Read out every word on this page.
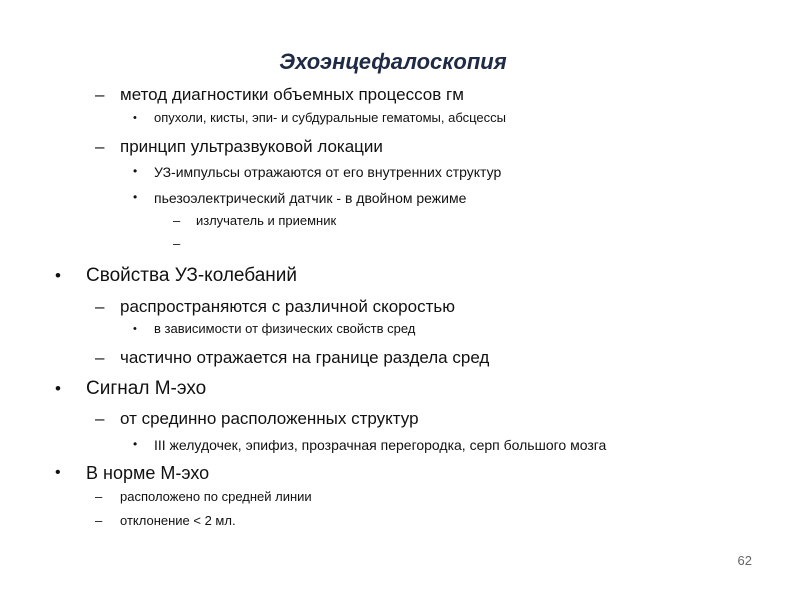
Эхоэнцефалоскопия
– метод диагностики объемных процессов гм
• опухоли, кисты, эпи- и субдуральные гематомы, абсцессы
– принцип ультразвуковой локации
• УЗ-импульсы отражаются от его внутренних структур
• пьезоэлектрический датчик - в двойном режиме
– излучатель и приемник
–
• Свойства УЗ-колебаний
– распространяются с различной скоростью
• в зависимости от физических свойств сред
– частично отражается на границе раздела сред
• Сигнал М-эхо
– от срединно расположенных структур
• III желудочек, эпифиз, прозрачная перегородка, серп большого мозга
• В норме М-эхо
– расположено по средней линии
– отклонение < 2 мл.
62
